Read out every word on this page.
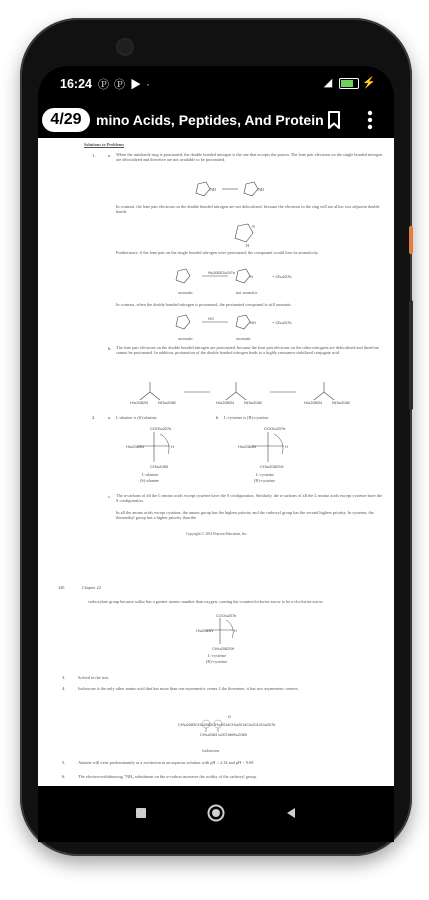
16:24 Ⓟ Ⓟ ▶ ·	◢  ⚡
4/29	mino Acids, Peptides, And Protein
Solutions to Problems
1.	a. When the imidazole ring is protonated, the double bonded nitrogen is the one that accepts the proton. The lone pair electrons on the single bonded nitrogen are delocalized and therefore are not available to be protonated.
NH	NH
In contrast, the lone pair electrons on the double bonded nitrogen are not delocalized, because the electrons in the ring will not allow two adjacent double bonds.
N
H
Furthermore, if the lone pair on the single bonded nitrogen were protonated, the compound would lose its aromaticity.
H\u2083O\u207a
N	+ Cl\u207b
aromatic	not aromatic
In contrast, when the double bonded nitrogen is protonated, the protonated compound is still aromatic.
HCl
NH	+ Cl\u207b
aromatic	aromatic
b. The lone pair electrons on the double bonded nitrogen are protonated, because the lone pair electrons on the other nitrogens are delocalized and therefore cannot be protonated. In addition, protonation of the double bonded nitrogen leads to a highly resonance stabilized conjugate acid.
H\u2082N NH\u2082	H\u2082N NH\u2082	H\u2082N NH\u2082
2.	a. L-alanine is (S)-alanine	b. L-cysteine is (R)-cysteine
COO\u207b
H\u2083N	H
CH\u2083
L-alanine
(S)-alanine
COO\u207b
H\u2083N	H
CH\u2082SH
L-cysteine
(R)-cysteine
c. The α-carbons of all the L-amino acids except cysteine have the S configuration. Similarly, the α-carbons of all the L-amino acids except cysteine have the S configuration.
In all the amino acids except cysteine, the amino group has the highest priority and the carboxyl group has the second highest priority. In cysteine, the thiomethyl group has a higher priority than the
Copyright © 2014 Pearson Education, Inc.
340	Chapter 22
carboxylate group because sulfur has a greater atomic number than oxygen, causing the counterclockwise arrow to be a clockwise arrow.
COO\u207b
H\u2083N	H
CH\u2082SH
L-cysteine
(R)-cysteine
3.	Solved in the text.
4.	Isoleucine is the only other amino acid that has more than one asymmetric center. Like threonine, it has two asymmetric centers.
CH\u2083CH\u2082CH\u2014CH\u2014C\u2014O\u207b
CH\u2083 \u207aNH\u2083
O
isoleucine
5.	Alanine will exist predominantly as a zwitterion in an aqueous solution with pH > 2.34 and pH < 9.69.
6.	The electron-withdrawing ⁺NH₃ substituent on the α-carbon increases the acidity of the carboxyl group.
